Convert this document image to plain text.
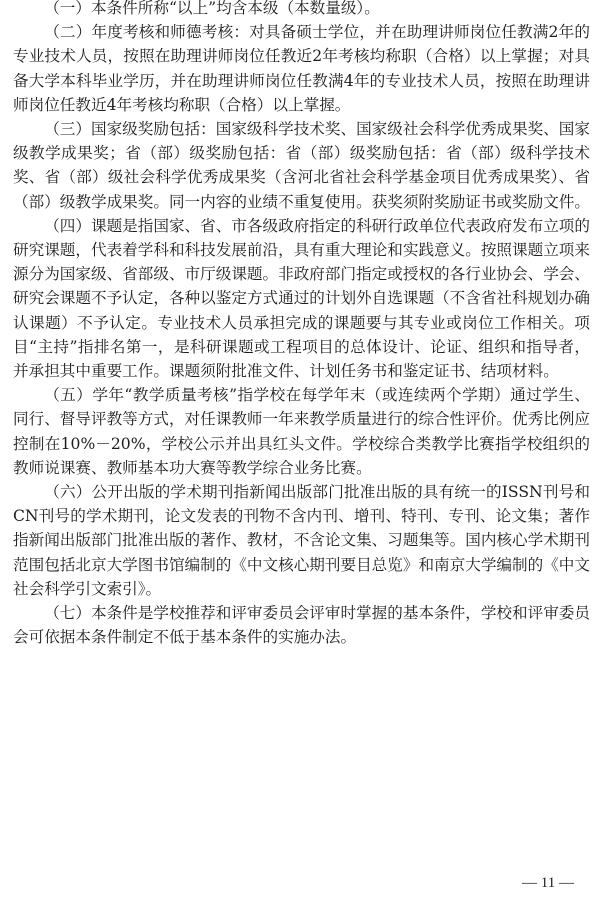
（一）本条件所称“以上”均含本级（本数量级）。

（二）年度考核和师德考核：对具备硕士学位，并在助理讲师岗位任教满2年的专业技术人员，按照在助理讲师岗位任教近2年考核均称职（合格）以上掌握；对具备大学本科毕业学历，并在助理讲师岗位任教满4年的专业技术人员，按照在助理讲师岗位任教近4年考核均称职（合格）以上掌握。

（三）国家级奖励包括：国家级科学技术奖、国家级社会科学优秀成果奖、国家级教学成果奖；省（部）级奖励包括：省（部）级奖励包括：省（部）级科学技术奖、省（部）级社会科学优秀成果奖（含河北省社会科学基金项目优秀成果奖）、省（部）级教学成果奖。同一内容的业绩不重复使用。获奖须附奖励证书或奖励文件。

（四）课题是指国家、省、市各级政府指定的科研行政单位代表政府发布立项的研究课题，代表着学科和科技发展前沿，具有重大理论和实践意义。按照课题立项来源分为国家级、省部级、市厅级课题。非政府部门指定或授权的各行业协会、学会、研究会课题不予认定，各种以鉴定方式通过的计划外自选课题（不含省社科规划办确认课题）不予认定。专业技术人员承担完成的课题要与其专业或岗位工作相关。项目“主持”指排名第一，是科研课题或工程项目的总体设计、论证、组织和指导者，并承担其中重要工作。课题须附批准文件、计划任务书和鉴定证书、结项材料。

（五）学年“教学质量考核”指学校在每学年末（或连续两个学期）通过学生、同行、督导评教等方式，对任课教师一年来教学质量进行的综合性评价。优秀比例应控制在10%－20%，学校公示并出具红头文件。学校综合类教学比赛指学校组织的教师说课赛、教师基本功大赛等教学综合业务比赛。

（六）公开出版的学术期刊指新闻出版部门批准出版的具有统一的ISSN刊号和CN刊号的学术期刊，论文发表的刊物不含内刊、增刊、特刊、专刊、论文集；著作指新闻出版部门批准出版的著作、教材，不含论文集、习题集等。国内核心学术期刊范围包括北京大学图书馆编制的《中文核心期刊要目总览》和南京大学编制的《中文社会科学引文索引》。

（七）本条件是学校推荐和评审委员会评审时掌握的基本条件，学校和评审委员会可依据本条件制定不低于基本条件的实施办法。

— 11 —
